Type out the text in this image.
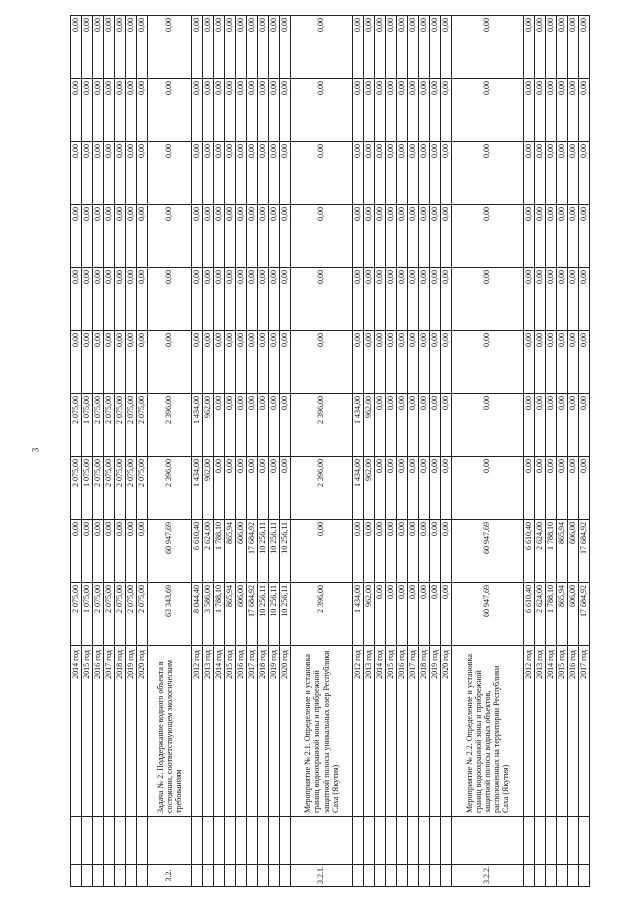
3
		2014 год	2 075,00	0,00	2 075,00	2 075,00	0,00	0,00	0,00	0,00	0,00	0,00
		2015 год	1 075,00	0,00	1 075,00	1 075,00	0,00	0,00	0,00	0,00	0,00	0,00
		2016 год	2 075,00	0,00	2 075,00	2 075,00	0,00	0,00	0,00	0,00	0,00	0,00
		2017 год	2 075,00	0,00	2 075,00	2 075,00	0,00	0,00	0,00	0,00	0,00	0,00
		2018 год	2 075,00	0,00	2 075,00	2 075,00	0,00	0,00	0,00	0,00	0,00	0,00
		2019 год	2 075,00	0,00	2 075,00	2 075,00	0,00	0,00	0,00	0,00	0,00	0,00
		2020 год	2 075,00	0,00	2 075,00	2 075,00	0,00	0,00	0,00	0,00	0,00	0,00
3.2.		Задача № 2. Поддержание водного объекта в состоянии, соответствующем экологическим требованиям	63 343,69	60 947,69	2 396,00	2 396,00	0,00	0,00	0,00	0,00	0,00	0,00
		2012 год	8 044,40	6 610,40	1 434,00	1 434,00	0,00	0,00	0,00	0,00	0,00	0,00
		2013 год	3 586,00	2 624,00	962,00	962,00	0,00	0,00	0,00	0,00	0,00	0,00
		2014 год	1 788,10	1 788,10	0,00	0,00	0,00	0,00	0,00	0,00	0,00	0,00
		2015 год	865,94	865,94	0,00	0,00	0,00	0,00	0,00	0,00	0,00	0,00
		2016 год	606,00	606,00	0,00	0,00	0,00	0,00	0,00	0,00	0,00	0,00
		2017 год	17 684,92	17 684,92	0,00	0,00	0,00	0,00	0,00	0,00	0,00	0,00
		2018 год	10 256,11	10 256,11	0,00	0,00	0,00	0,00	0,00	0,00	0,00	0,00
		2019 год	10 256,11	10 256,11	0,00	0,00	0,00	0,00	0,00	0,00	0,00	0,00
		2020 год	10 256,11	10 256,11	0,00	0,00	0,00	0,00	0,00	0,00	0,00	0,00
3.2.1.		Мероприятие № 2.1. Определение и установка границ водоохранной зоны и прибрежной защитной полосы уникальных озер Республики Саха (Якутия)	2 396,00	0,00	2 396,00	2 396,00	0,00	0,00	0,00	0,00	0,00	0,00
		2012 год	1 434,00	0,00	1 434,00	1 434,00	0,00	0,00	0,00	0,00	0,00	0,00
		2013 год	962,00	0,00	962,00	962,00	0,00	0,00	0,00	0,00	0,00	0,00
		2014 год	0,00	0,00	0,00	0,00	0,00	0,00	0,00	0,00	0,00	0,00
		2015 год	0,00	0,00	0,00	0,00	0,00	0,00	0,00	0,00	0,00	0,00
		2016 год	0,00	0,00	0,00	0,00	0,00	0,00	0,00	0,00	0,00	0,00
		2017 год	0,00	0,00	0,00	0,00	0,00	0,00	0,00	0,00	0,00	0,00
		2018 год	0,00	0,00	0,00	0,00	0,00	0,00	0,00	0,00	0,00	0,00
		2019 год	0,00	0,00	0,00	0,00	0,00	0,00	0,00	0,00	0,00	0,00
		2020 год	0,00	0,00	0,00	0,00	0,00	0,00	0,00	0,00	0,00	0,00
3.2.2.		Мероприятие № 2.2. Определение и установка границ водоохранной зоны и прибрежной защитной полосы водных объектов, расположенных на территории Республики Саха (Якутия)	60 947,69	60 947,69	0,00	0,00	0,00	0,00	0,00	0,00	0,00	0,00
		2012 год	6 610,40	6 610,40	0,00	0,00	0,00	0,00	0,00	0,00	0,00	0,00
		2013 год	2 624,00	2 624,00	0,00	0,00	0,00	0,00	0,00	0,00	0,00	0,00
		2014 год	1 788,10	1 788,10	0,00	0,00	0,00	0,00	0,00	0,00	0,00	0,00
		2015 год	865,94	865,94	0,00	0,00	0,00	0,00	0,00	0,00	0,00	0,00
		2016 год	606,00	606,00	0,00	0,00	0,00	0,00	0,00	0,00	0,00	0,00
		2017 год	17 684,92	17 684,92	0,00	0,00	0,00	0,00	0,00	0,00	0,00	0,00
